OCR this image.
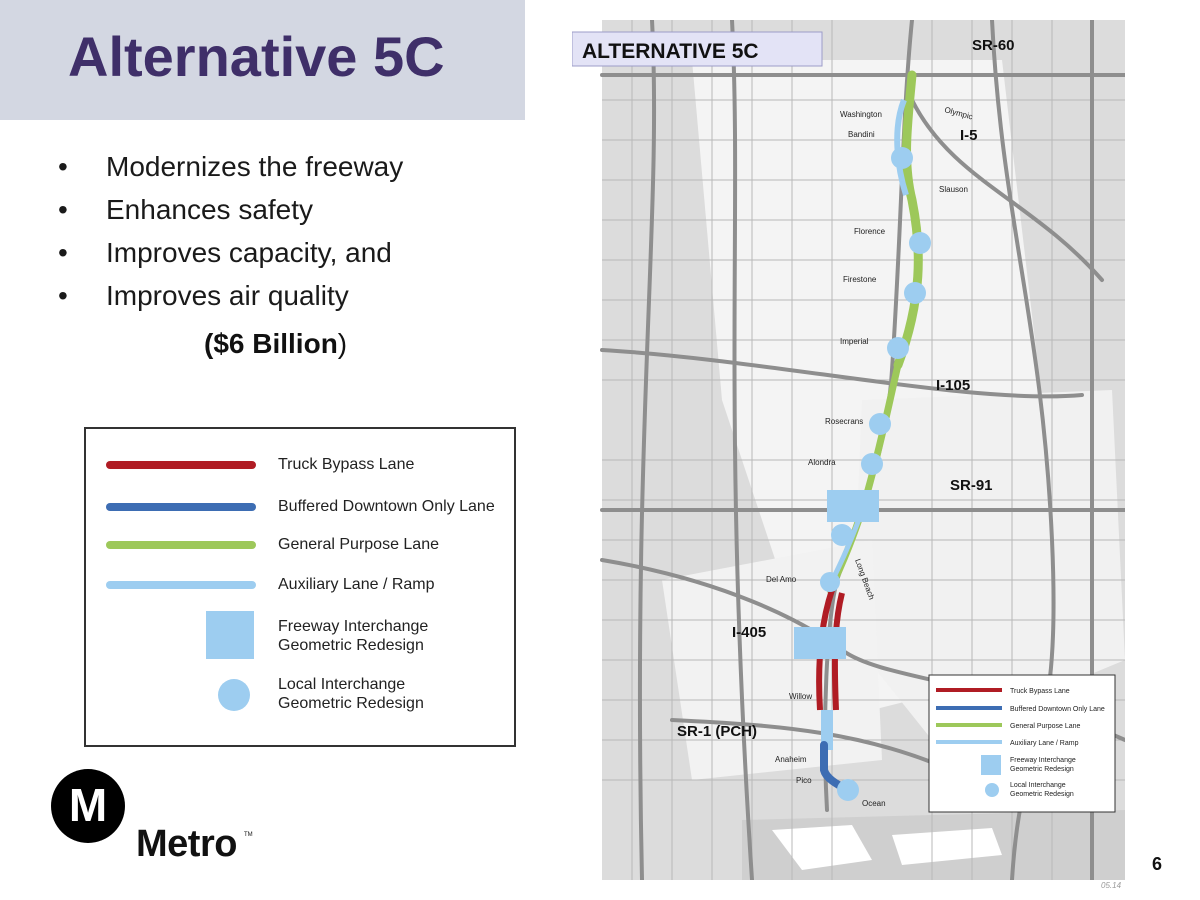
Alternative 5C
• Modernizes the freeway
• Enhances safety
• Improves capacity, and
• Improves air quality
($6 Billion)
Truck Bypass Lane
Buffered Downtown Only Lane
General Purpose Lane
Auxiliary Lane / Ramp
Freeway Interchange
Geometric Redesign
Local Interchange
Geometric Redesign
M
Metro TM
6
ALTERNATIVE 5C	SR-60
I-5
I-105
SR-91
I-405
SR-1 (PCH)
Washington	Olympic
Bandini
Slauson
Florence
Firestone
Imperial
Rosecrans
Alondra
Del Amo	Long Beach
Willow
Anaheim
Pico
Ocean
Truck Bypass Lane
Buffered Downtown Only Lane
General Purpose Lane
Auxiliary Lane / Ramp
Freeway Interchange
Geometric Redesign
Local Interchange
Geometric Redesign
05.14
